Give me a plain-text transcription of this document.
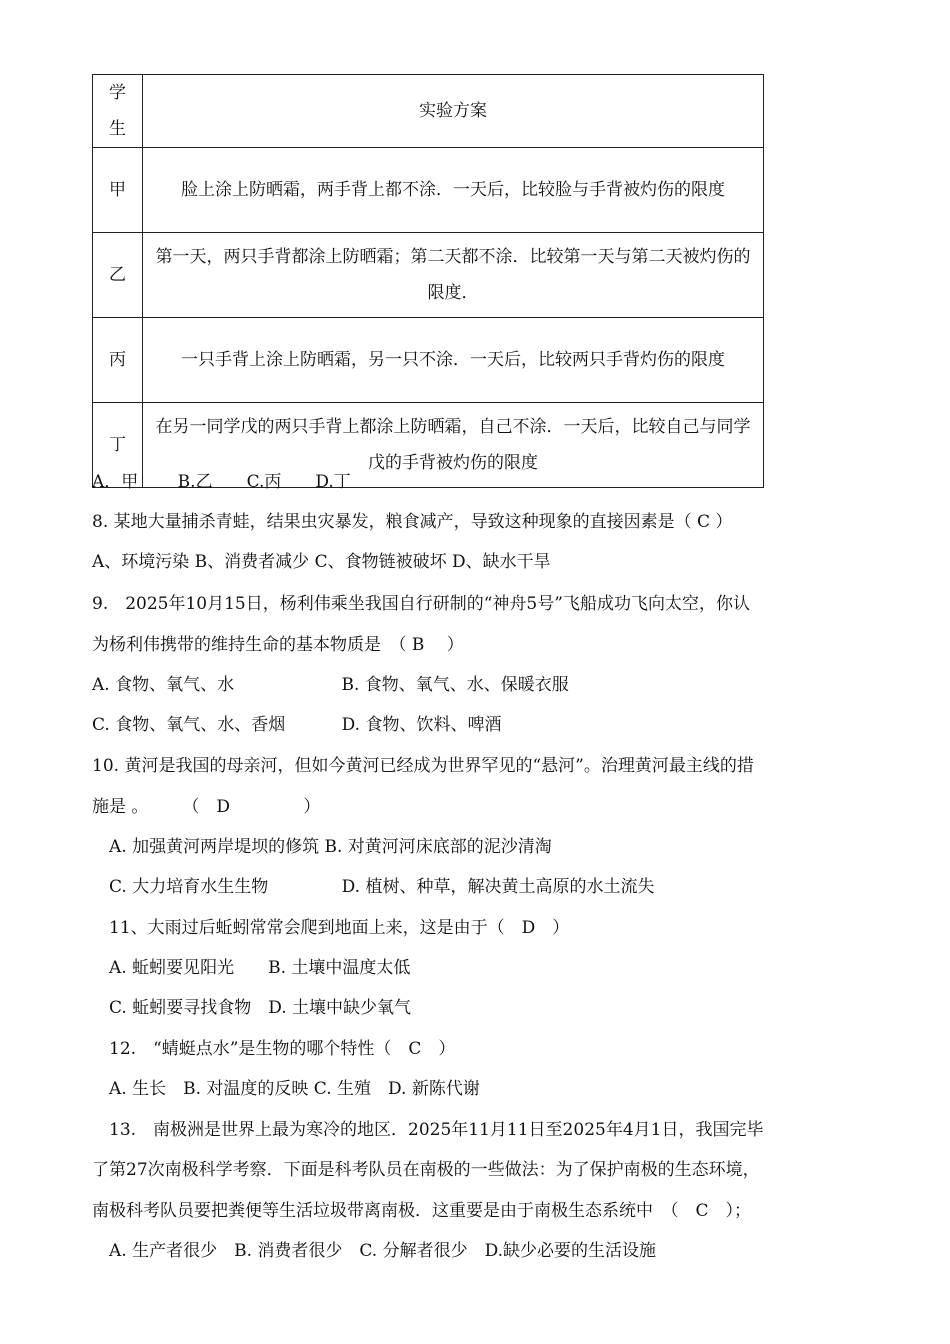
学生	实验方案
甲	脸上涂上防晒霜，两手背上都不涂．一天后，比较脸与手背被灼伤的限度
乙	第一天，两只手背都涂上防晒霜；第二天都不涂．比较第一天与第二天被灼伤的限度．
丙	一只手背上涂上防晒霜，另一只不涂．一天后，比较两只手背灼伤的限度
丁	在另一同学戊的两只手背上都涂上防晒霜，自己不涂．一天后，比较自己与同学戊的手背被灼伤的限度
A．甲　　 B.乙　　C.丙　　D.丁
8. 某地大量捕杀青蛙，结果虫灾暴发，粮食减产，导致这种现象的直接因素是（ C ）
A、环境污染 B、消费者减少 C、食物链被破坏 D、缺水干旱
9.　2025年10月15日，杨利伟乘坐我国自行研制的“神舟5号”飞船成功飞向太空，你认
为杨利伟携带的维持生命的基本物质是　（ B　 ）
A. 食物、氧气、水　　　　　　 B. 食物、氧气、水、保暖衣服
C. 食物、氧气、水、香烟　　　 D. 食物、饮料、啤酒
10. 黄河是我国的母亲河，但如今黄河已经成为世界罕见的“悬河”。治理黄河最主线的措
施是 。　　　（　D　　　　 ）
　A. 加强黄河两岸堤坝的修筑 B. 对黄河河床底部的泥沙清淘
　C. 大力培育水生生物　　　　 D. 植树、种草，解决黄土高原的水土流失
　11、大雨过后蚯蚓常常会爬到地面上来，这是由于（　D　）
　A. 蚯蚓要见阳光　　B. 土壤中温度太低
　C. 蚯蚓要寻找食物　D. 土壤中缺少氧气
　12.　“蜻蜓点水”是生物的哪个特性（　C　）
　A. 生长　B. 对温度的反映 C. 生殖　D. 新陈代谢
　13.　南极洲是世界上最为寒冷的地区．2025年11月11日至2025年4月1日，我国完毕
了第27次南极科学考察．下面是科考队员在南极的一些做法：为了保护南极的生态环境，
南极科考队员要把粪便等生活垃圾带离南极．这重要是由于南极生态系统中　（　C　）；
　A. 生产者很少　B. 消费者很少　C. 分解者很少　D.缺少必要的生活设施
